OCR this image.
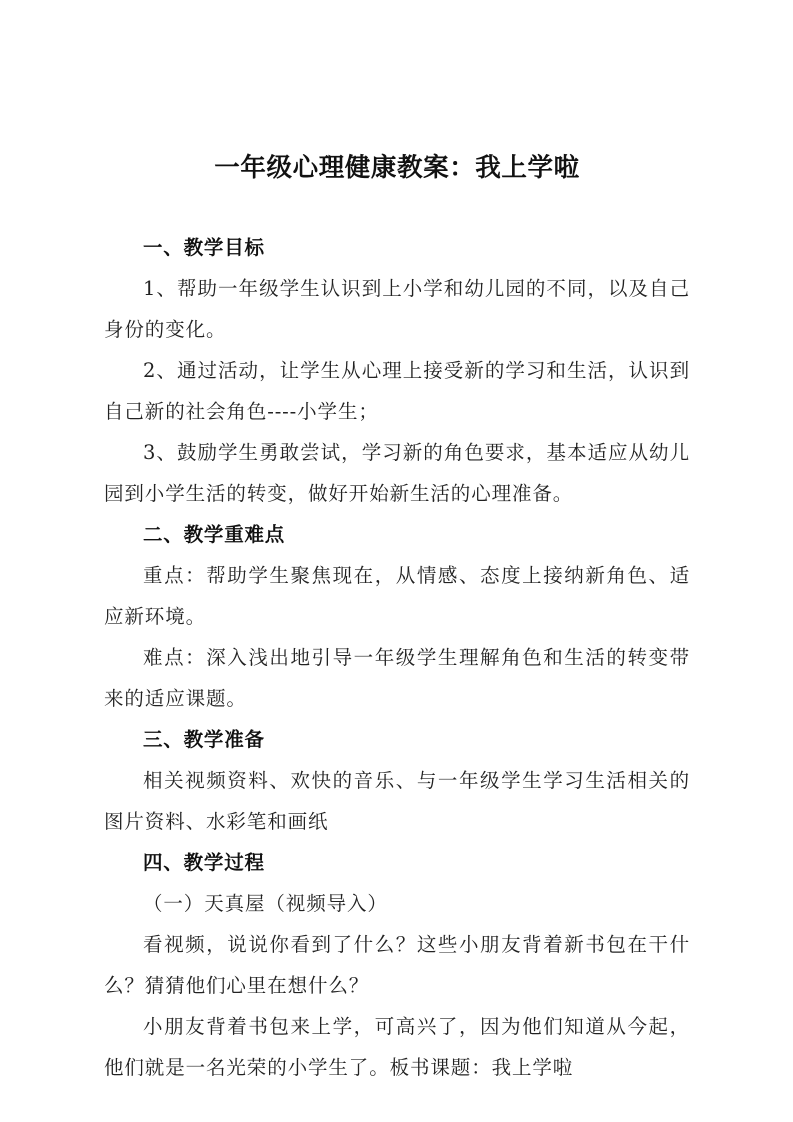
一年级心理健康教案：我上学啦

一、教学目标

1、帮助一年级学生认识到上小学和幼儿园的不同，以及自己身份的变化。

2、通过活动，让学生从心理上接受新的学习和生活，认识到自己新的社会角色----小学生；

3、鼓励学生勇敢尝试，学习新的角色要求，基本适应从幼儿园到小学生活的转变，做好开始新生活的心理准备。

二、教学重难点

重点：帮助学生聚焦现在，从情感、态度上接纳新角色、适应新环境。

难点：深入浅出地引导一年级学生理解角色和生活的转变带来的适应课题。

三、教学准备

相关视频资料、欢快的音乐、与一年级学生学习生活相关的图片资料、水彩笔和画纸

四、教学过程

（一）天真屋（视频导入）

看视频，说说你看到了什么？这些小朋友背着新书包在干什么？猜猜他们心里在想什么？

小朋友背着书包来上学，可高兴了，因为他们知道从今起，他们就是一名光荣的小学生了。板书课题：我上学啦
